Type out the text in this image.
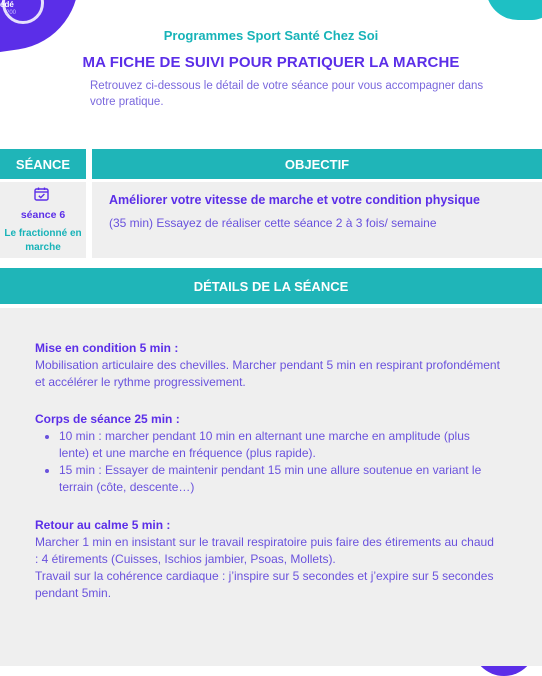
édé
200
Programmes Sport Santé Chez Soi
MA FICHE DE SUIVI POUR PRATIQUER LA MARCHE
Retrouvez ci-dessous le détail de votre séance pour vous accompagner dans votre pratique.
SÉANCE	OBJECTIF
séance 6
Le fractionné en marche
Améliorer votre vitesse de marche et votre condition physique
(35 min) Essayez de réaliser cette séance 2 à 3 fois/ semaine
DÉTAILS DE LA SÉANCE
Mise en condition 5 min :
Mobilisation articulaire des chevilles. Marcher pendant 5 min en respirant profondément et accélérer le rythme progressivement.
Corps de séance 25 min :
• 10 min : marcher pendant 10 min en alternant une marche en amplitude (plus lente) et une marche en fréquence (plus rapide).
• 15 min : Essayer de maintenir pendant 15 min une allure soutenue en variant le terrain (côte, descente…)
Retour au calme 5 min :
Marcher 1 min en insistant sur le travail respiratoire puis faire des étirements au chaud : 4 étirements (Cuisses, Ischios jambier, Psoas, Mollets).
Travail sur la cohérence cardiaque : j’inspire sur 5 secondes et j’expire sur 5 secondes pendant 5min.
